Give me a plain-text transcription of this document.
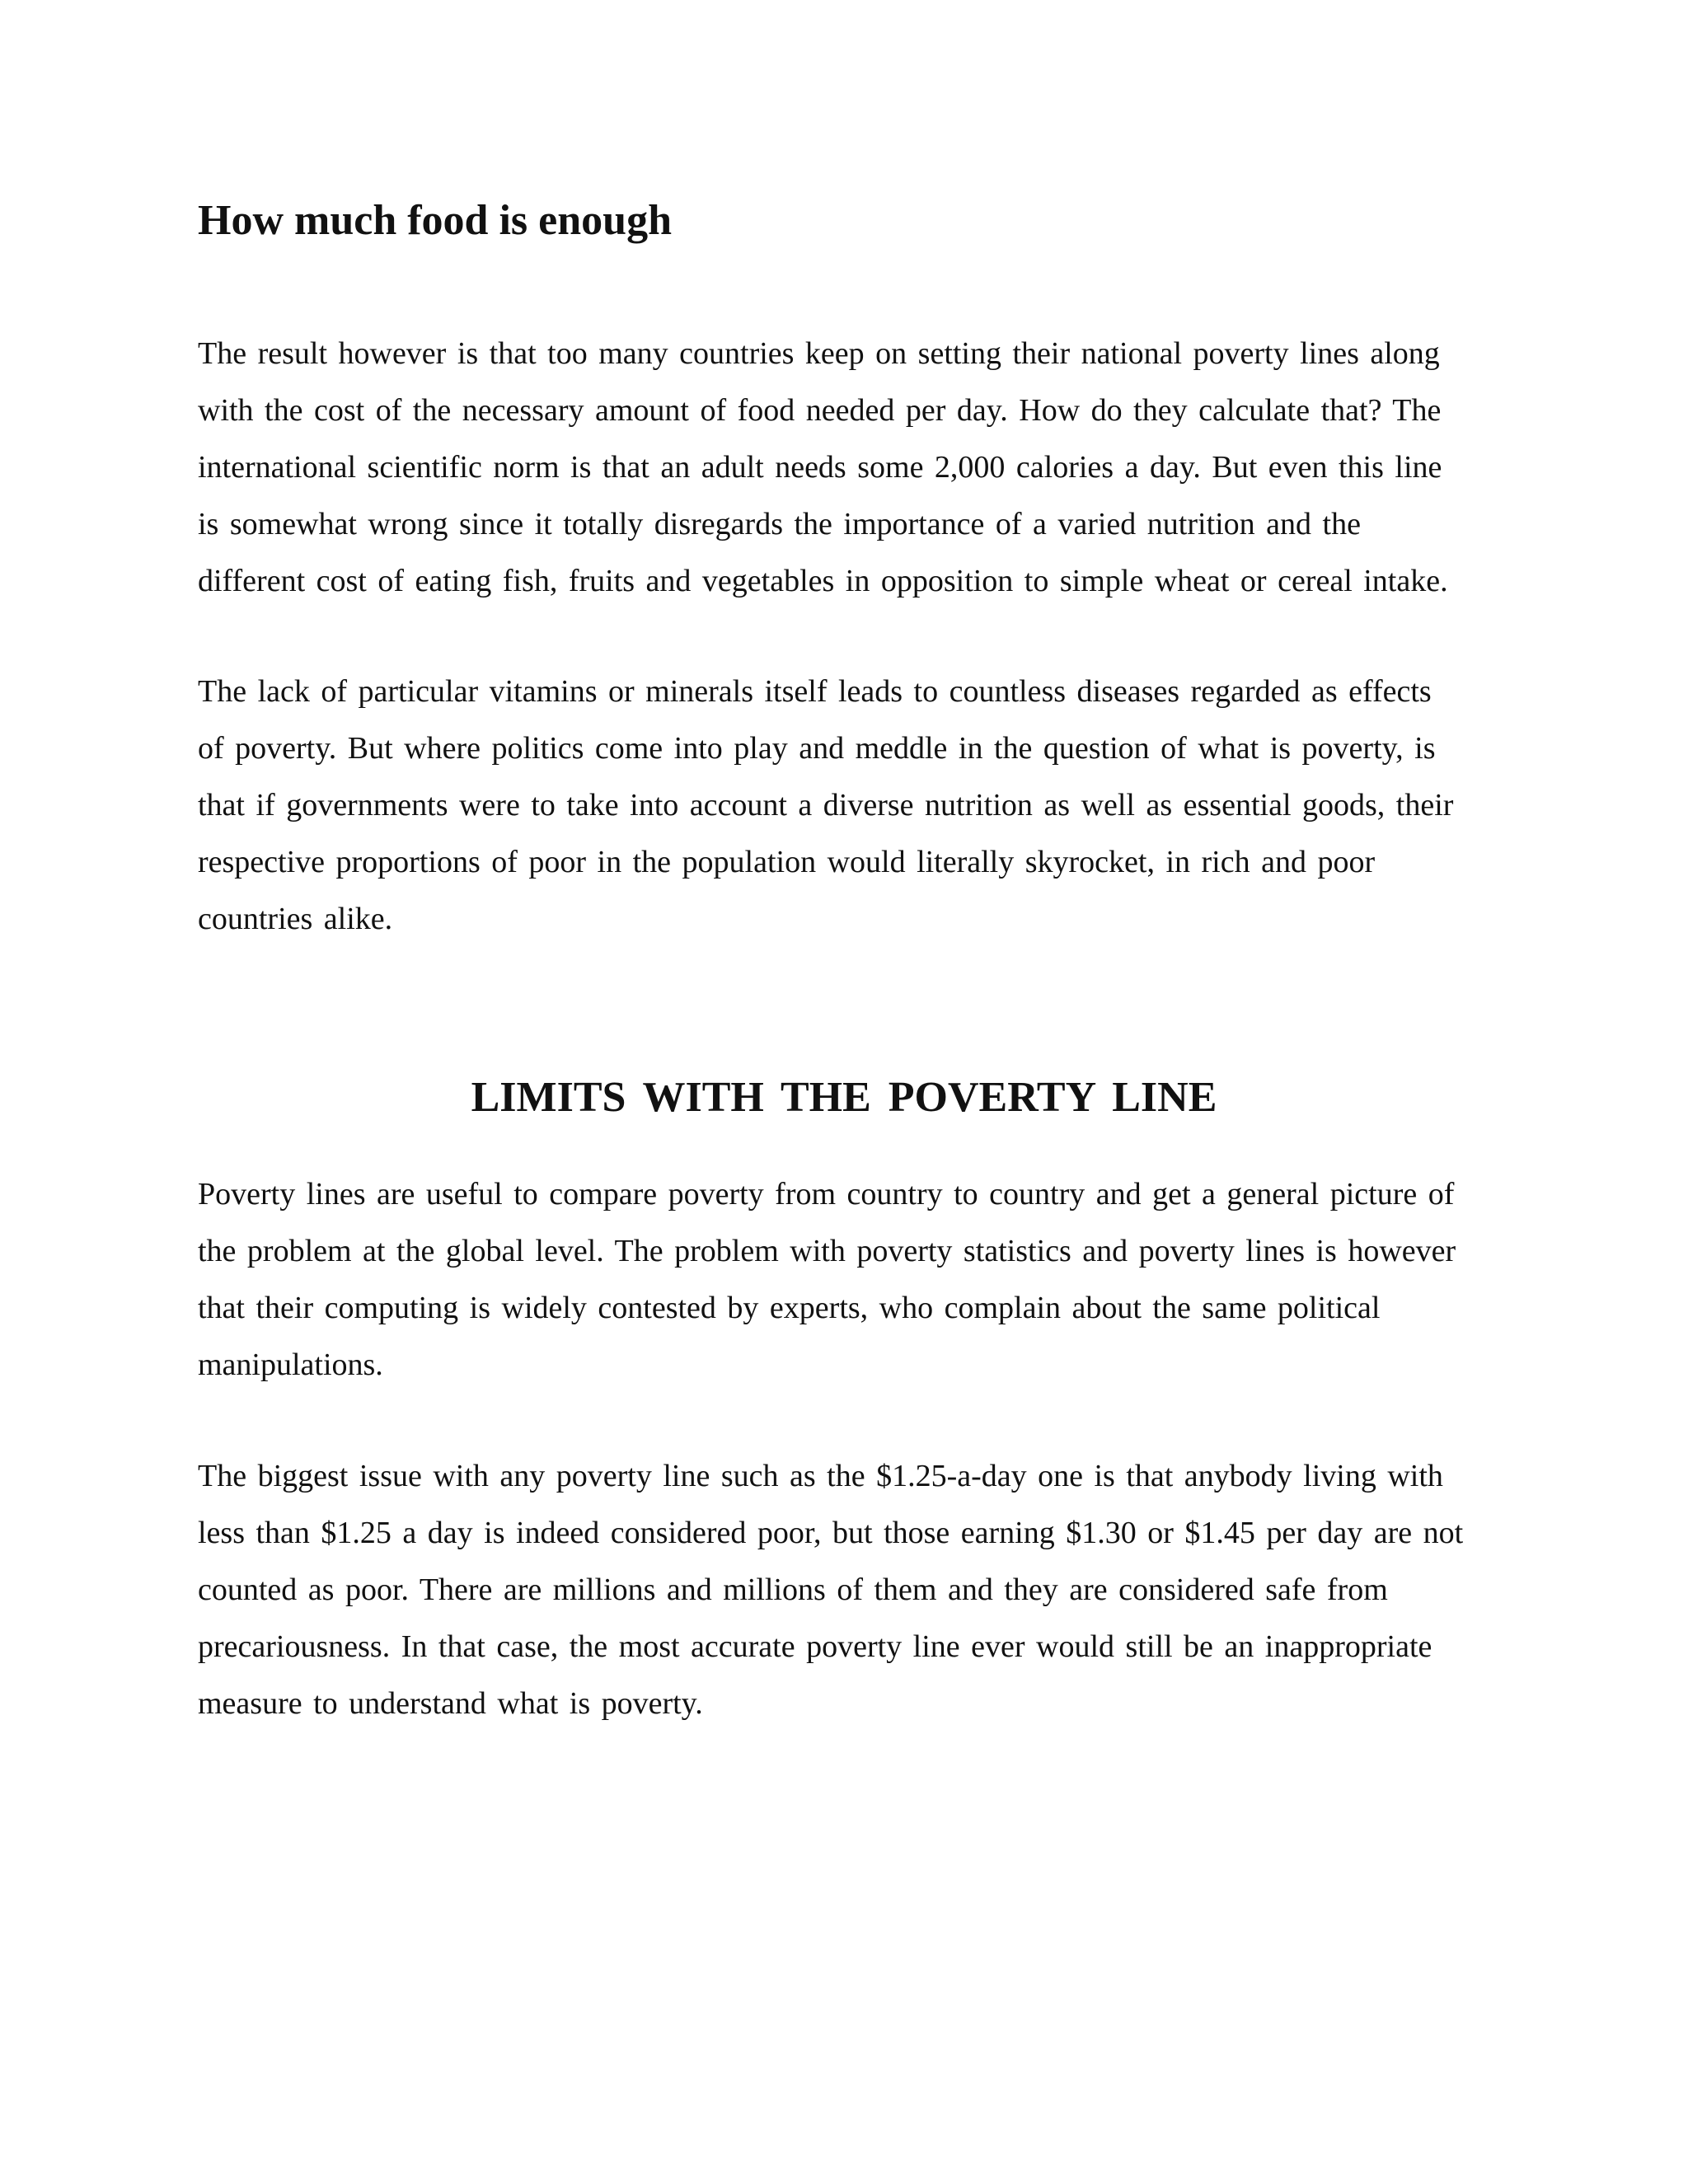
How much food is enough

The result however is that too many countries keep on setting their national poverty lines along
with the cost of the necessary amount of food needed per day. How do they calculate that? The
international scientific norm is that an adult needs some 2,000 calories a day. But even this line
is somewhat wrong since it totally disregards the importance of a varied nutrition and the
different cost of eating fish, fruits and vegetables in opposition to simple wheat or cereal intake.

The lack of particular vitamins or minerals itself leads to countless diseases regarded as effects
of poverty. But where politics come into play and meddle in the question of what is poverty, is
that if governments were to take into account a diverse nutrition as well as essential goods, their
respective proportions of poor in the population would literally skyrocket, in rich and poor
countries alike.

LIMITS WITH THE POVERTY LINE

Poverty lines are useful to compare poverty from country to country and get a general picture of
the problem at the global level. The problem with poverty statistics and poverty lines is however
that their computing is widely contested by experts, who complain about the same political
manipulations.

The biggest issue with any poverty line such as the $1.25-a-day one is that anybody living with
less than $1.25 a day is indeed considered poor, but those earning $1.30 or $1.45 per day are not
counted as poor. There are millions and millions of them and they are considered safe from
precariousness. In that case, the most accurate poverty line ever would still be an inappropriate
measure to understand what is poverty.
